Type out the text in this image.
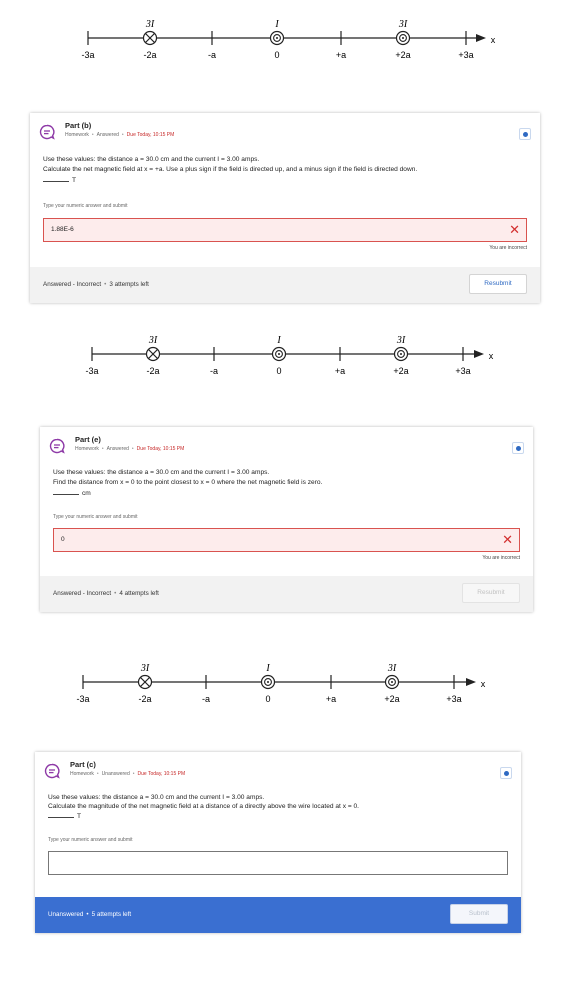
3I	I	3I
-3a	-2a	-a	0	+a	+2a	+3a
x
Part (b)
Homework • Answered • Due Today, 10:15 PM
Use these values: the distance a = 30.0 cm and the current I = 3.00 amps.
Calculate the net magnetic field at x = +a. Use a plus sign if the field is directed up, and a minus sign if the field is directed down.
T
Type your numeric answer and submit
1.88E-6	✕
You are incorrect
Answered - Incorrect • 3 attempts left	Resubmit
3I	I	3I
-3a	-2a	-a	0	+a	+2a	+3a
x
Part (e)
Homework • Answered • Due Today, 10:15 PM
Use these values: the distance a = 30.0 cm and the current I = 3.00 amps.
Find the distance from x = 0 to the point closest to x = 0 where the net magnetic field is zero.
cm
Type your numeric answer and submit
0	✕
You are incorrect
Answered - Incorrect • 4 attempts left	Resubmit
3I	I	3I
-3a	-2a	-a	0	+a	+2a	+3a
x
Part (c)
Homework • Unanswered • Due Today, 10:15 PM
Use these values: the distance a = 30.0 cm and the current I = 3.00 amps.
Calculate the magnitude of the net magnetic field at a distance of a directly above the wire located at x = 0.
T
Type your numeric answer and submit
Unanswered • 5 attempts left	Submit
